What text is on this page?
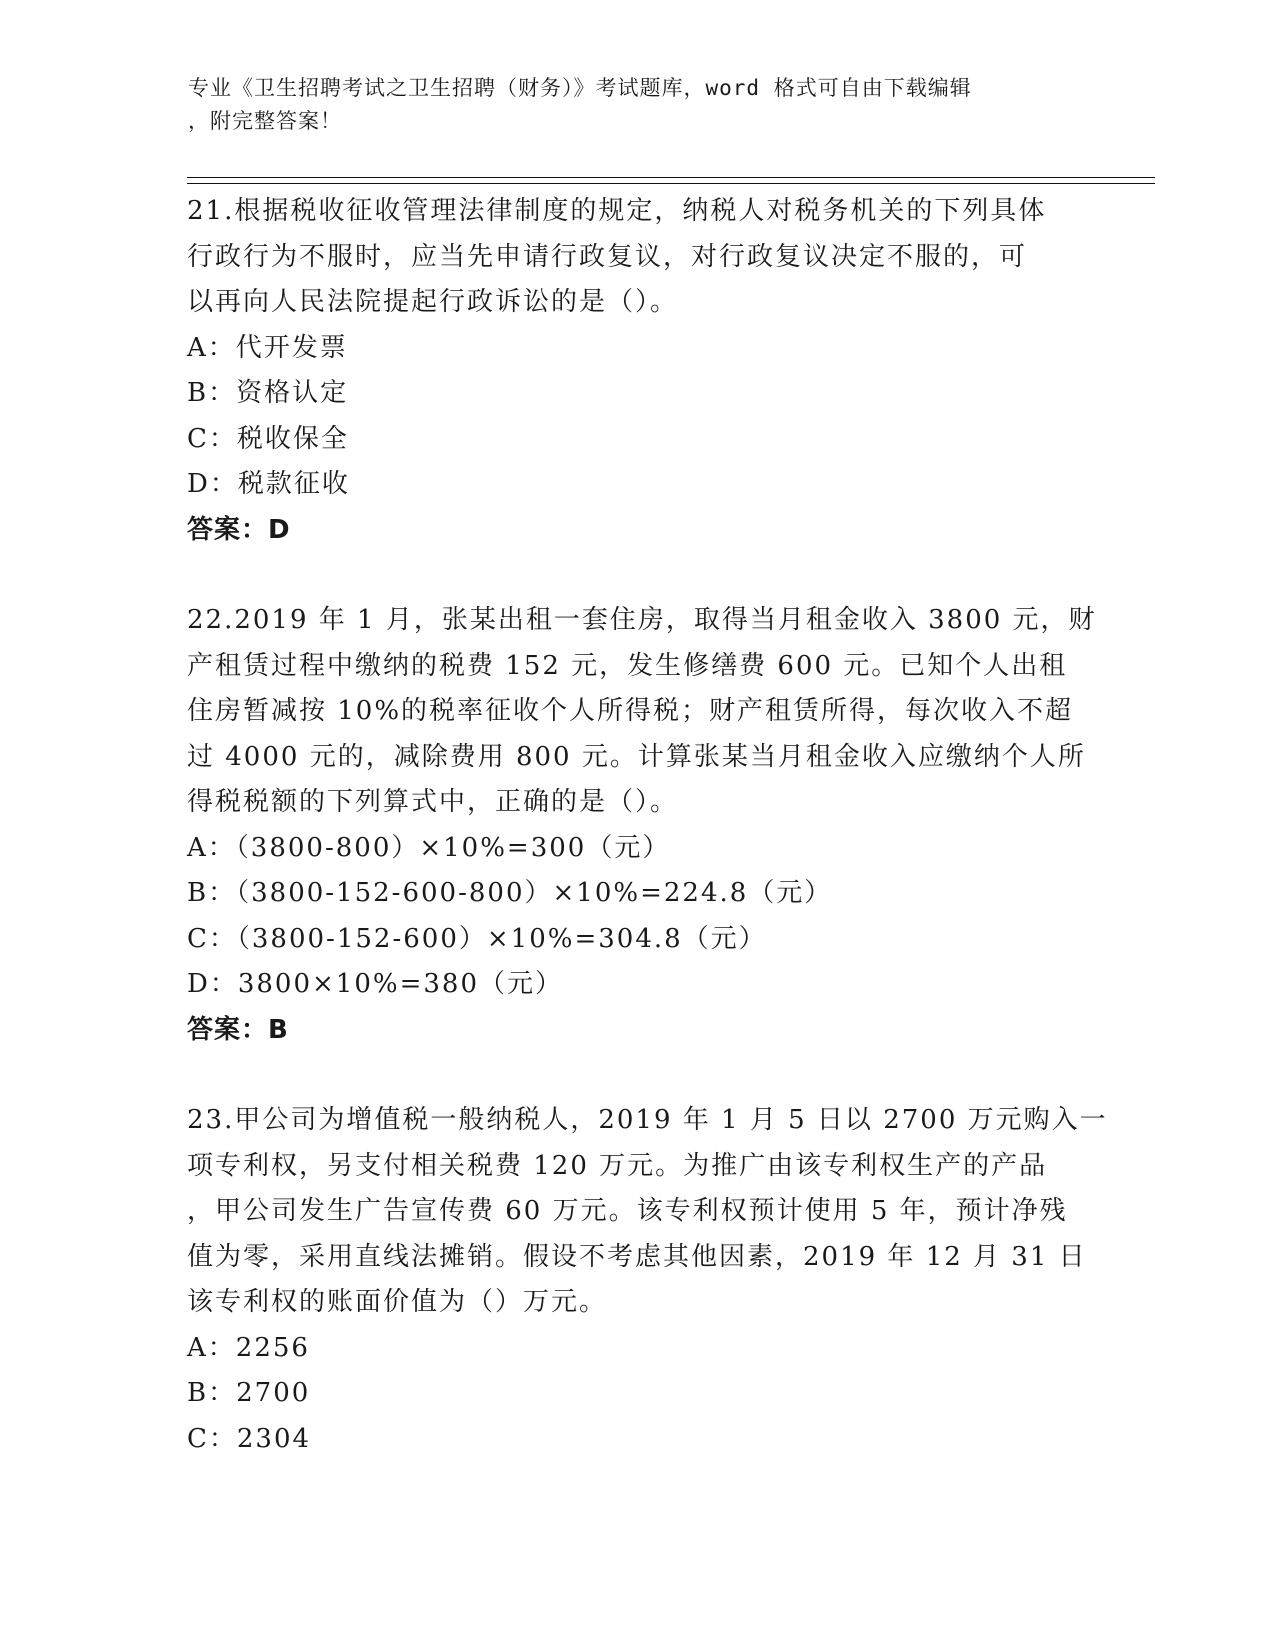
专业《卫生招聘考试之卫生招聘（财务）》考试题库，word 格式可自由下载编辑
，附完整答案！
21.根据税收征收管理法律制度的规定，纳税人对税务机关的下列具体
行政行为不服时，应当先申请行政复议，对行政复议决定不服的，可
以再向人民法院提起行政诉讼的是（）。
A：代开发票
B：资格认定
C：税收保全
D：税款征收
答案：D
22.2019 年 1 月，张某出租一套住房，取得当月租金收入 3800 元，财
产租赁过程中缴纳的税费 152 元，发生修缮费 600 元。已知个人出租
住房暂减按 10%的税率征收个人所得税；财产租赁所得，每次收入不超
过 4000 元的，减除费用 800 元。计算张某当月租金收入应缴纳个人所
得税税额的下列算式中，正确的是（）。
A：（3800-800）×10%=300（元）
B：（3800-152-600-800）×10%=224.8（元）
C：（3800-152-600）×10%=304.8（元）
D：3800×10%=380（元）
答案：B
23.甲公司为增值税一般纳税人，2019 年 1 月 5 日以 2700 万元购入一
项专利权，另支付相关税费 120 万元。为推广由该专利权生产的产品
，甲公司发生广告宣传费 60 万元。该专利权预计使用 5 年，预计净残
值为零，采用直线法摊销。假设不考虑其他因素，2019 年 12 月 31 日
该专利权的账面价值为（）万元。
A：2256
B：2700
C：2304
